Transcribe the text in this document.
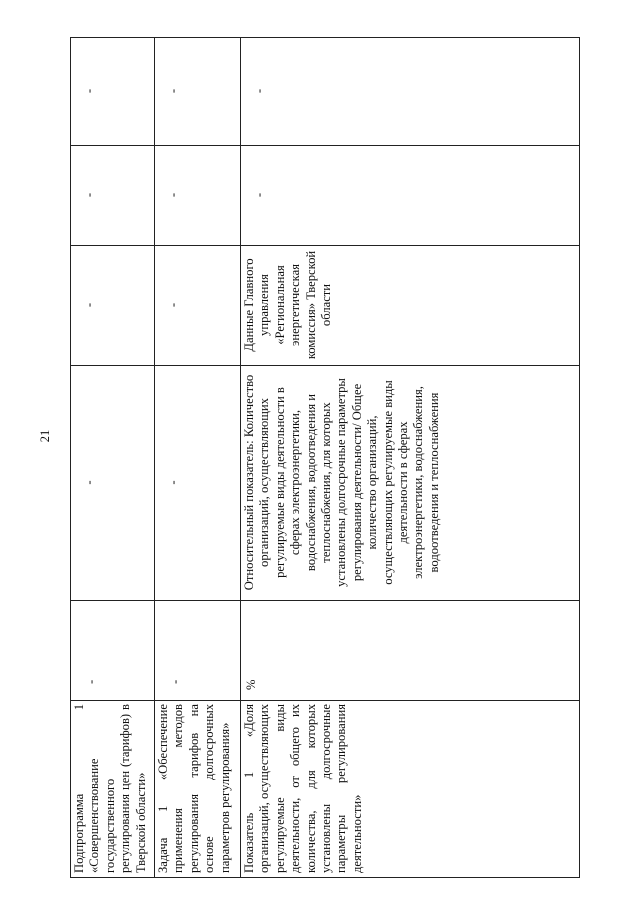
21
Подпрограмма 1 «Совершенствование государственного регулирования цен (тарифов) в Тверской области»	-	-	-	-	-

Задача 1 «Обеспечение применения методов регулирования тарифов на основе долгосрочных параметров регулирования»	-	-	-	-	-

Показатель 1 «Доля организаций, осуществляющих регулируемые виды деятельности, от общего их количества, для которых установлены долгосрочные параметры регулирования деятельности»	%	Относительный показатель: Количество организаций, осуществляющих регулируемые виды деятельности в сферах электроэнергетики, водоснабжения, водоотведения и теплоснабжения, для которых установлены долгосрочные параметры регулирования деятельности/ Общее количество организаций, осуществляющих регулируемые виды деятельности в сферах электроэнергетики, водоснабжения, водоотведения и теплоснабжения	Данные Главного управления «Региональная энергетическая комиссия» Тверской области	-	-
